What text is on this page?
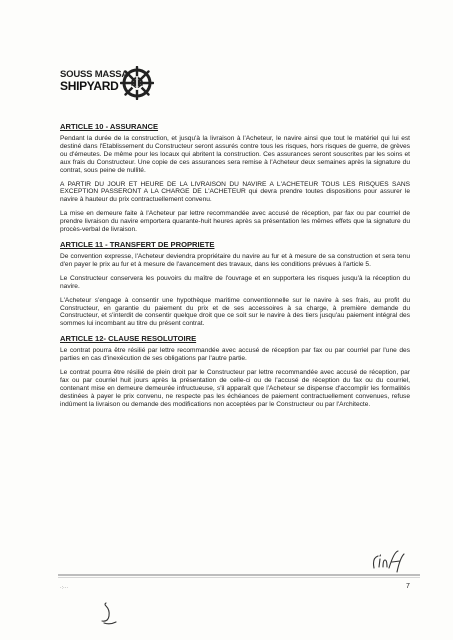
SOUSS MASSA
SHIPYARD
ARTICLE 10 - ASSURANCE
Pendant la durée de la construction, et jusqu'à la livraison à l'Acheteur, le navire ainsi que tout le matériel qui lui est destiné dans l'Etablissement du Constructeur seront assurés contre tous les risques, hors risques de guerre, de grèves ou d'émeutes. De même pour les locaux qui abritent la construction. Ces assurances seront souscrites par les soins et aux frais du Constructeur. Une copie de ces assurances sera remise à l'Acheteur deux semaines après la signature du contrat, sous peine de nullité.
A PARTIR DU JOUR ET HEURE DE LA LIVRAISON DU NAVIRE A L'ACHETEUR TOUS LES RISQUES SANS EXCEPTION PASSERONT A LA CHARGE DE L'ACHETEUR qui devra prendre toutes dispositions pour assurer le navire à hauteur du prix contractuellement convenu.
La mise en demeure faite à l'Acheteur par lettre recommandée avec accusé de réception, par fax ou par courriel de prendre livraison du navire emportera quarante-huit heures après sa présentation les mêmes effets que la signature du procès-verbal de livraison.
ARTICLE 11 - TRANSFERT DE PROPRIETE
De convention expresse, l'Acheteur deviendra propriétaire du navire au fur et à mesure de sa construction et sera tenu d'en payer le prix au fur et à mesure de l'avancement des travaux, dans les conditions prévues à l'article 5.
Le Constructeur conservera les pouvoirs du maître de l'ouvrage et en supportera les risques jusqu'à la réception du navire.
L'Acheteur s'engage à consentir une hypothèque maritime conventionnelle sur le navire à ses frais, au profit du Constructeur, en garantie du paiement du prix et de ses accessoires à sa charge, à première demande du Constructeur, et s'interdit de consentir quelque droit que ce soit sur le navire à des tiers jusqu'au paiement intégral des sommes lui incombant au titre du présent contrat.
ARTICLE 12- CLAUSE RESOLUTOIRE
Le contrat pourra être résilié par lettre recommandée avec accusé de réception par fax ou par courriel par l'une des parties en cas d'inexécution de ses obligations par l'autre partie.
Le contrat pourra être résilié de plein droit par le Constructeur par lettre recommandée avec accusé de réception, par fax ou par courriel huit jours après la présentation de celle-ci ou de l'accusé de réception du fax ou du courriel, contenant mise en demeure demeurée infructueuse, s'il apparaît que l'Acheteur se dispense d'accomplir les formalités destinées à payer le prix convenu, ne respecte pas les échéances de paiement contractuellement convenues, refuse indûment la livraison ou demande des modifications non acceptées par le Constructeur ou par l'Architecte.
·:···	7
